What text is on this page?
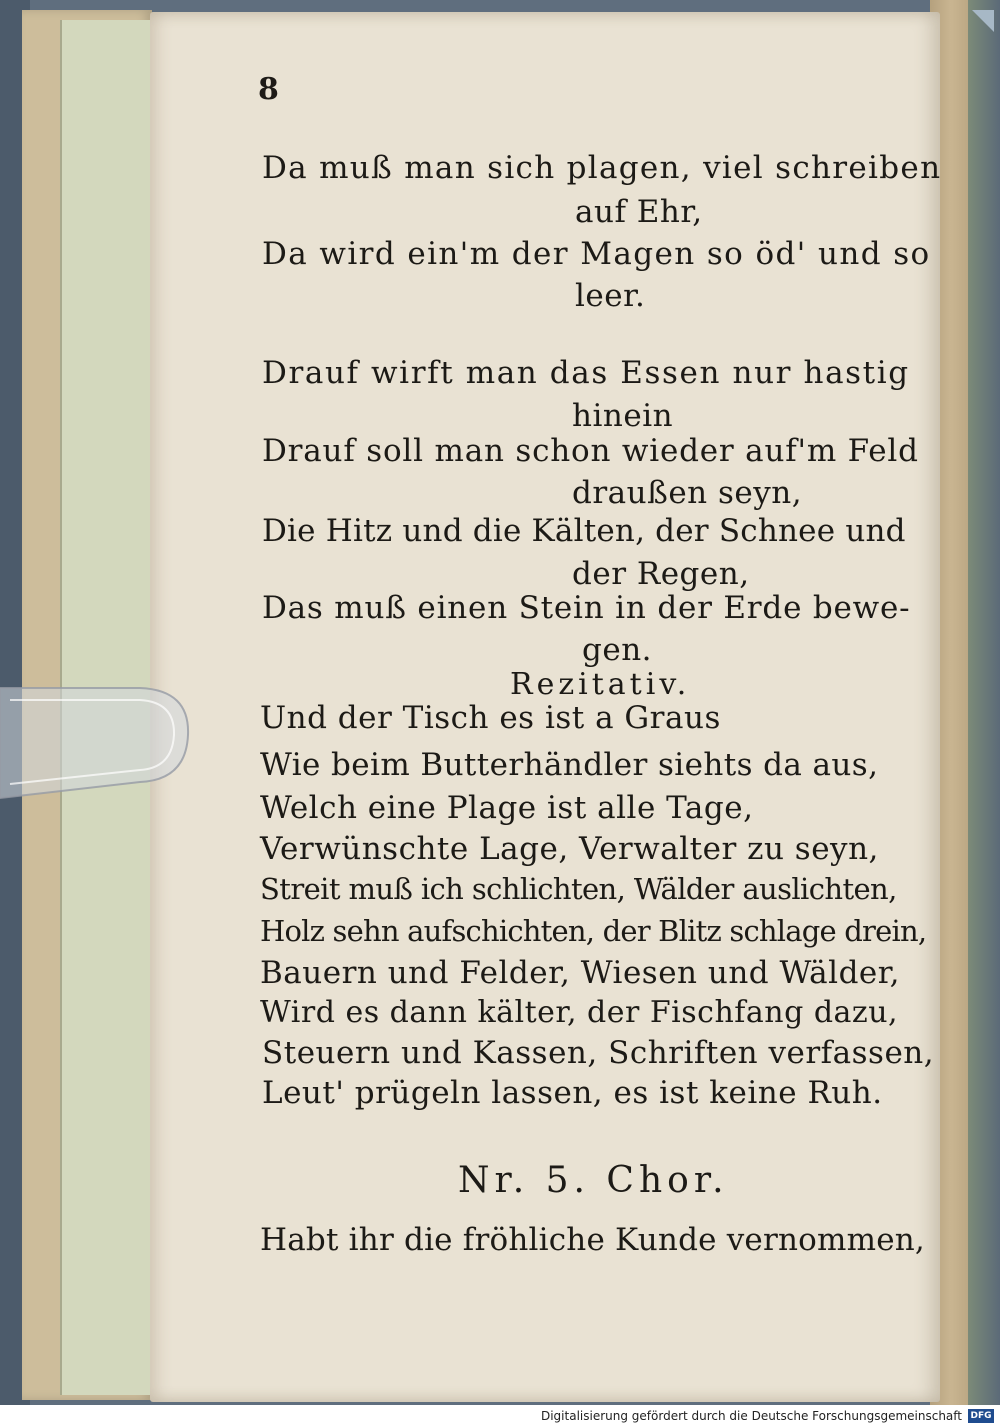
8
Da muß man sich plagen, viel schreiben
auf Ehr,
Da wird ein'm der Magen so öd' und so
leer.
Drauf wirft man das Essen nur hastig
hinein
Drauf soll man schon wieder auf'm Feld
draußen seyn,
Die Hitz und die Kälten, der Schnee und
der Regen,
Das muß einen Stein in der Erde bewe-
gen.
Und der Tisch es ist a Graus
Wie beim Butterhändler siehts da aus,
Welch eine Plage ist alle Tage,
Verwünschte Lage, Verwalter zu seyn,
Streit muß ich schlichten, Wälder auslichten,
Holz sehn aufschichten, der Blitz schlage drein,
Bauern und Felder, Wiesen und Wälder,
Wird es dann kälter, der Fischfang dazu,
Steuern und Kassen, Schriften verfassen,
Leut' prügeln lassen, es ist keine Ruh.
Habt ihr die fröhliche Kunde vernommen,
Rezitativ.
Nr. 5. Chor.
Digitalisierung gefördert durch die Deutsche Forschungsgemeinschaft DFG
